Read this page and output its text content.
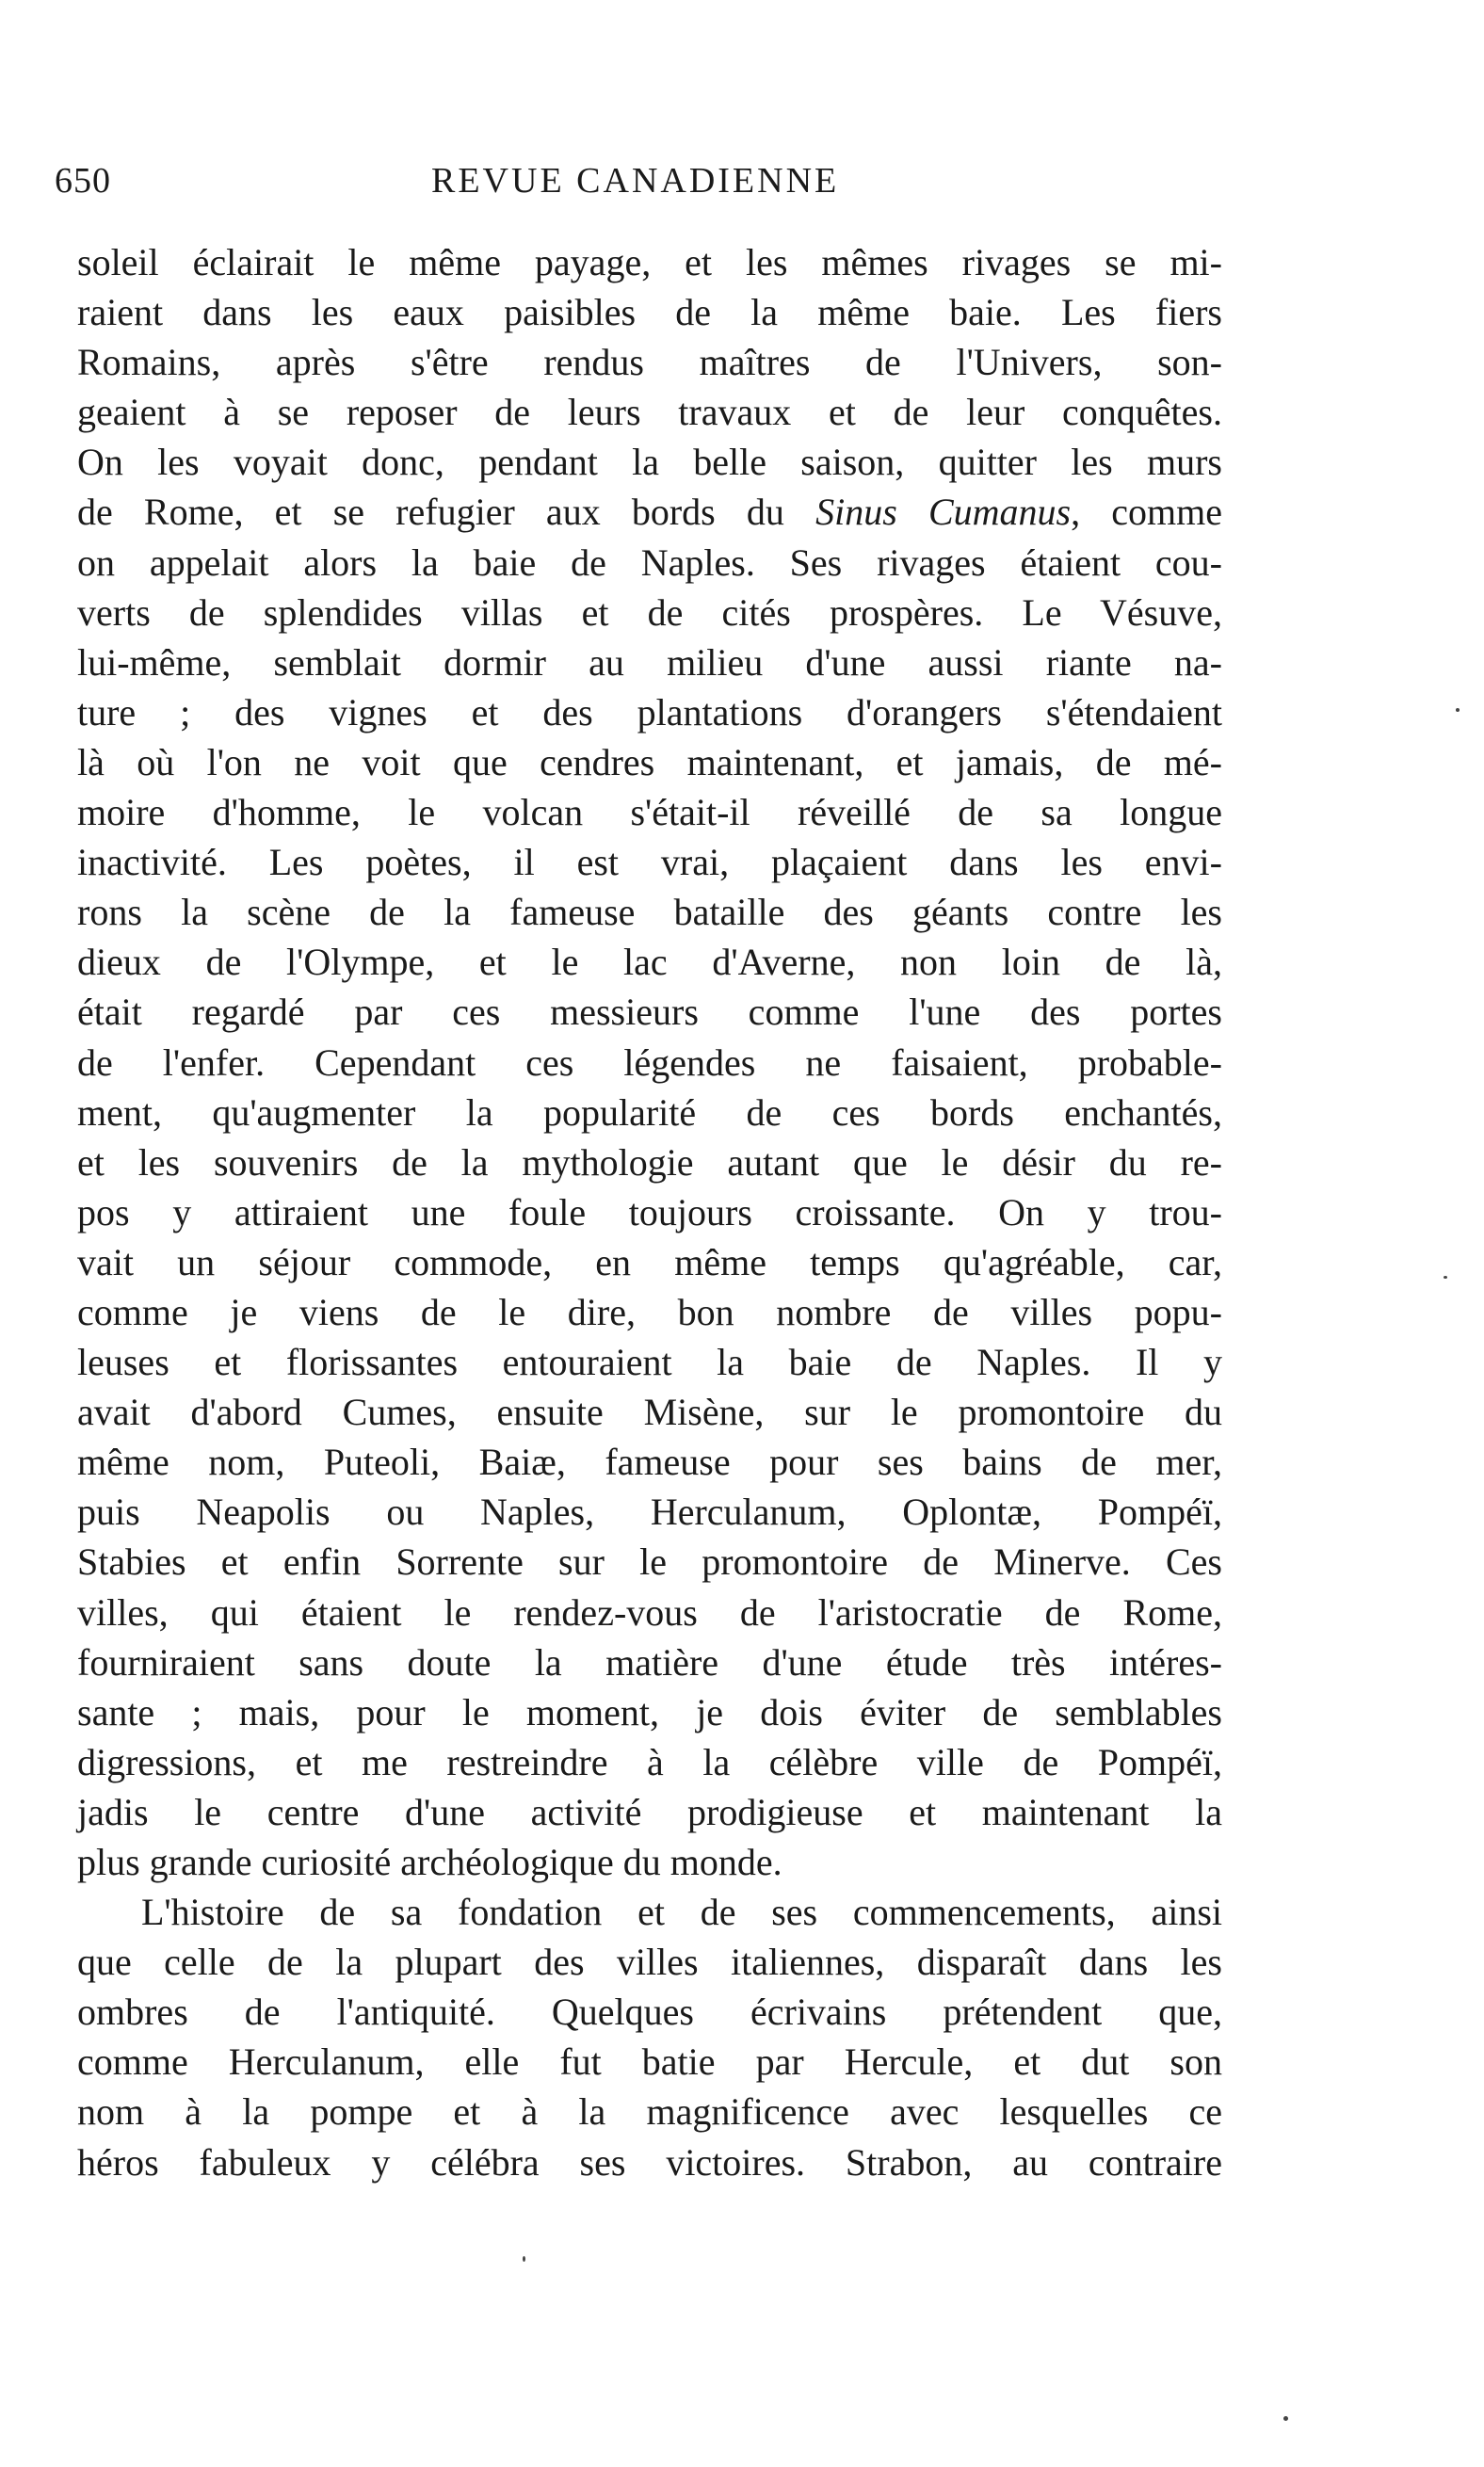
650	REVUE CANADIENNE
soleil éclairait le même payage, et les mêmes rivages se mi-
raient dans les eaux paisibles de la même baie. Les fiers
Romains, après s'être rendus maîtres de l'Univers, son-
geaient à se reposer de leurs travaux et de leur conquêtes.
On les voyait donc, pendant la belle saison, quitter les murs
de Rome, et se refugier aux bords du Sinus Cumanus, comme
on appelait alors la baie de Naples. Ses rivages étaient cou-
verts de splendides villas et de cités prospères. Le Vésuve,
lui-même, semblait dormir au milieu d'une aussi riante na-
ture ; des vignes et des plantations d'orangers s'étendaient
là où l'on ne voit que cendres maintenant, et jamais, de mé-
moire d'homme, le volcan s'était-il réveillé de sa longue
inactivité. Les poètes, il est vrai, plaçaient dans les envi-
rons la scène de la fameuse bataille des géants contre les
dieux de l'Olympe, et le lac d'Averne, non loin de là,
était regardé par ces messieurs comme l'une des portes
de l'enfer. Cependant ces légendes ne faisaient, probable-
ment, qu'augmenter la popularité de ces bords enchantés,
et les souvenirs de la mythologie autant que le désir du re-
pos y attiraient une foule toujours croissante. On y trou-
vait un séjour commode, en même temps qu'agréable, car,
comme je viens de le dire, bon nombre de villes popu-
leuses et florissantes entouraient la baie de Naples. Il y
avait d'abord Cumes, ensuite Misène, sur le promontoire du
même nom, Puteoli, Baiæ, fameuse pour ses bains de mer,
puis Neapolis ou Naples, Herculanum, Oplontæ, Pompéï,
Stabies et enfin Sorrente sur le promontoire de Minerve. Ces
villes, qui étaient le rendez-vous de l'aristocratie de Rome,
fourniraient sans doute la matière d'une étude très intéres-
sante ; mais, pour le moment, je dois éviter de semblables
digressions, et me restreindre à la célèbre ville de Pompéï,
jadis le centre d'une activité prodigieuse et maintenant la
plus grande curiosité archéologique du monde.
L'histoire de sa fondation et de ses commencements, ainsi
que celle de la plupart des villes italiennes, disparaît dans les
ombres de l'antiquité. Quelques écrivains prétendent que,
comme Herculanum, elle fut batie par Hercule, et dut son
nom à la pompe et à la magnificence avec lesquelles ce
héros fabuleux y célébra ses victoires. Strabon, au contraire
